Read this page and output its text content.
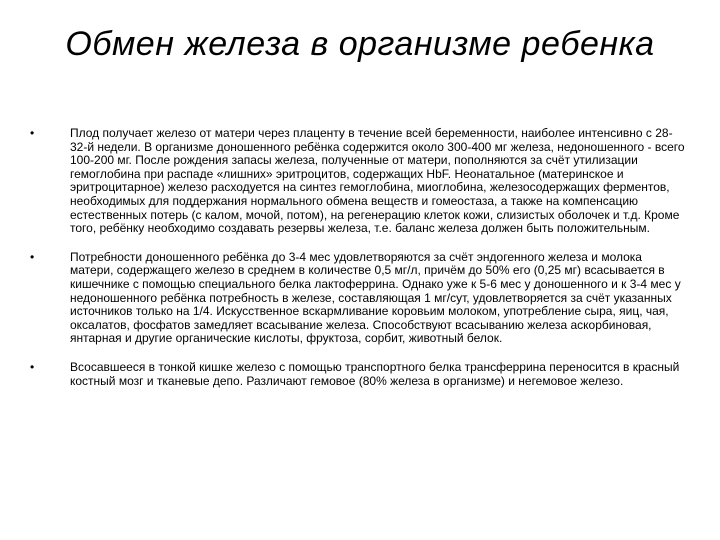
Обмен железа в организме ребенка
•	Плод получает железо от матери через плаценту в течение всей беременности, наиболее интенсивно с 28-32-й недели. В организме доношенного ребёнка содержится около 300-400 мг железа, недоношенного - всего 100-200 мг. После рождения запасы железа, полученные от матери, пополняются за счёт утилизации гемоглобина при распаде «лишних» эритроцитов, содержащих HbF. Неонатальное (материнское и эритроцитарное) железо расходуется на синтез гемоглобина, миоглобина, железосодержащих ферментов, необходимых для поддержания нормального обмена веществ и гомеостаза, а также на компенсацию естественных потерь (с калом, мочой, потом), на регенерацию клеток кожи, слизистых оболочек и т.д. Кроме того, ребёнку необходимо создавать резервы железа, т.е. баланс железа должен быть положительным.
•	Потребности доношенного ребёнка до 3-4 мес удовлетворяются за счёт эндогенного железа и молока матери, содержащего железо в среднем в количестве 0,5 мг/л, причём до 50% его (0,25 мг) всасывается в кишечнике с помощью специального белка лактоферрина. Однако уже к 5-6 мес у доношенного и к 3-4 мес у недоношенного ребёнка потребность в железе, составляющая 1 мг/сут, удовлетворяется за счёт указанных источников только на 1/4. Искусственное вскармливание коровьим молоком, употребление сыра, яиц, чая, оксалатов, фосфатов замедляет всасывание железа. Способствуют всасыванию железа аскорбиновая, янтарная и другие органические кислоты, фруктоза, сорбит, животный белок.
•	Всосавшееся в тонкой кишке железо с помощью транспортного белка трансферрина переносится в красный костный мозг и тканевые депо. Различают гемовое (80% железа в организме) и негемовое железо.
